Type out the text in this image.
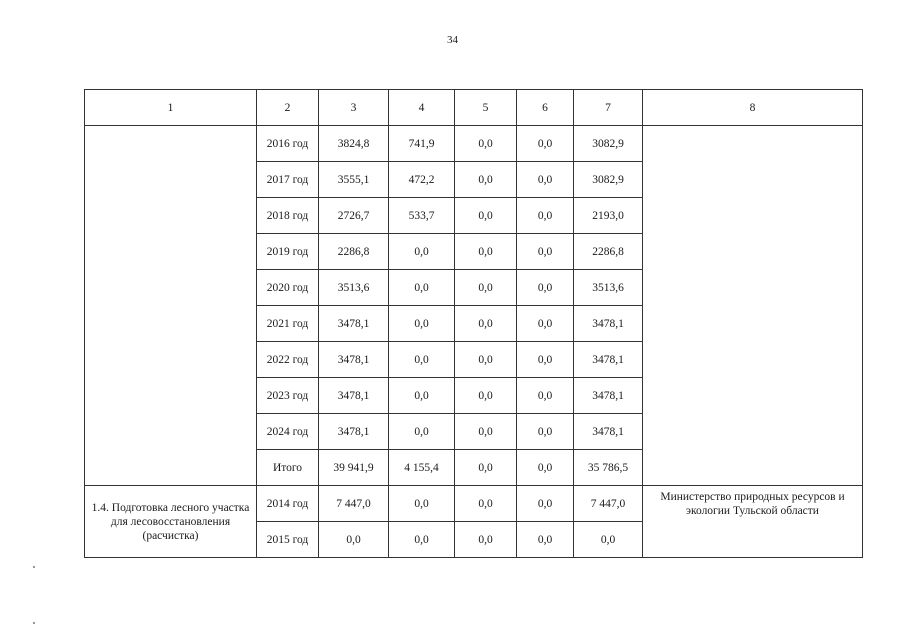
34
1	2	3	4	5	6	7	8
	2016 год	3824,8	741,9	0,0	0,0	3082,9	
	2017 год	3555,1	472,2	0,0	0,0	3082,9	
	2018 год	2726,7	533,7	0,0	0,0	2193,0	
	2019 год	2286,8	0,0	0,0	0,0	2286,8	
	2020 год	3513,6	0,0	0,0	0,0	3513,6	
	2021 год	3478,1	0,0	0,0	0,0	3478,1	
	2022 год	3478,1	0,0	0,0	0,0	3478,1	
	2023 год	3478,1	0,0	0,0	0,0	3478,1	
	2024 год	3478,1	0,0	0,0	0,0	3478,1	
	Итого	39 941,9	4 155,4	0,0	0,0	35 786,5	
1.4. Подготовка лесного участка для лесовосстановления (расчистка)	2014 год	7 447,0	0,0	0,0	0,0	7 447,0	Министерство природных ресурсов и экологии Тульской области
	2015 год	0,0	0,0	0,0	0,0	0,0	
